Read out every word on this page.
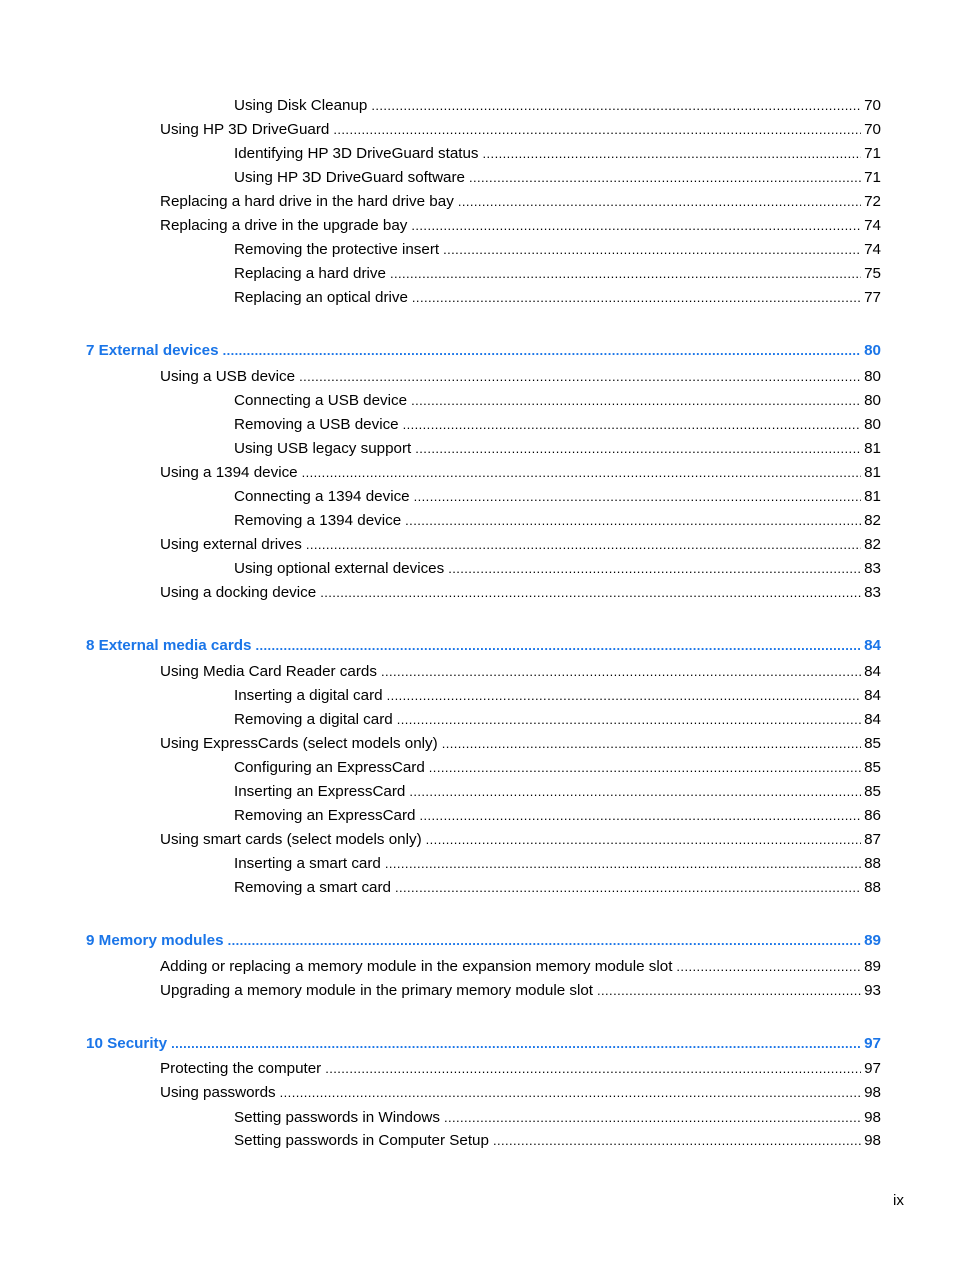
Using Disk Cleanup .....	70
Using HP 3D DriveGuard .....	70
Identifying HP 3D DriveGuard status .....	71
Using HP 3D DriveGuard software .....	71
Replacing a hard drive in the hard drive bay .....	72
Replacing a drive in the upgrade bay .....	74
Removing the protective insert .....	74
Replacing a hard drive .....	75
Replacing an optical drive .....	77
7 External devices .....	80
Using a USB device .....	80
Connecting a USB device .....	80
Removing a USB device .....	80
Using USB legacy support .....	81
Using a 1394 device .....	81
Connecting a 1394 device .....	81
Removing a 1394 device .....	82
Using external drives .....	82
Using optional external devices .....	83
Using a docking device .....	83
8 External media cards .....	84
Using Media Card Reader cards .....	84
Inserting a digital card .....	84
Removing a digital card .....	84
Using ExpressCards (select models only) .....	85
Configuring an ExpressCard .....	85
Inserting an ExpressCard .....	85
Removing an ExpressCard .....	86
Using smart cards (select models only) .....	87
Inserting a smart card .....	88
Removing a smart card .....	88
9 Memory modules .....	89
Adding or replacing a memory module in the expansion memory module slot .....	89
Upgrading a memory module in the primary memory module slot .....	93
10 Security .....	97
Protecting the computer .....	97
Using passwords .....	98
Setting passwords in Windows .....	98
Setting passwords in Computer Setup .....	98
ix
